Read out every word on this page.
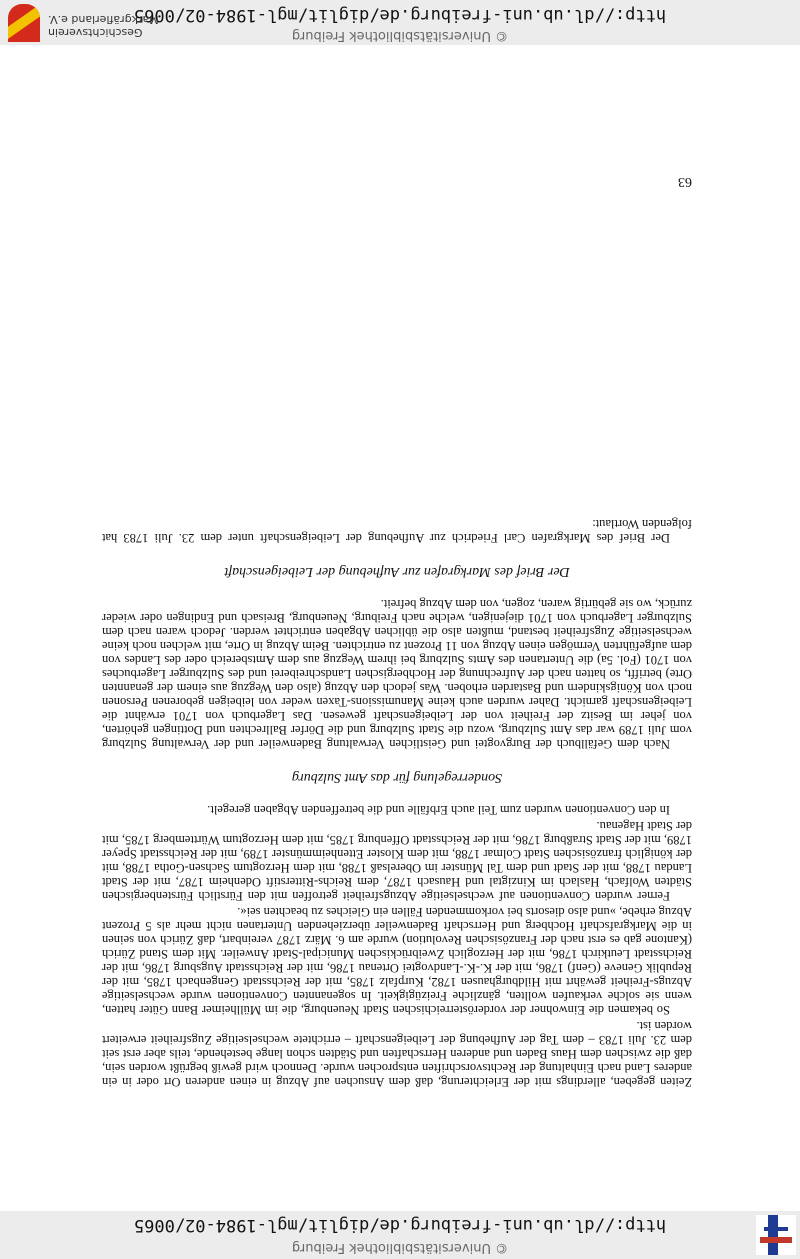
© Universitätsbibliothek Freiburg
http://dl.ub.uni-freiburg.de/diglit/mgl-1984-02/0065

Zeiten gegeben, allerdings mit der Erleichterung, daß dem Ansuchen auf Abzug in einen anderen Ort oder in ein anderes Land nach Einhaltung der Rechtsvorschriften entsprochen wurde. Dennoch wird gewiß begrüßt worden sein, daß die zwischen dem Haus Baden und anderen Herrschaften und Städten schon lange bestehende, teils aber erst seit dem 23. Juli 1783 – dem Tag der Aufhebung der Leibeigenschaft – errichtete wechselseitige Zugsfreiheit erweitert worden ist.

So bekamen die Einwohner der vorderösterreichischen Stadt Neuenburg, die im Müllheimer Bann Güter hatten, wenn sie solche verkaufen wollten, gänzliche Freizügigkeit. In sogenannten Conventionen wurde wechselseitige Abzugs-Freiheit gewährt mit Hildburghausen 1782, Kurpfalz 1785, mit der Reichsstadt Gengenbach 1785, mit der Republik Geneve (Genf) 1786, mit der K.-K.-Landvogtei Ortenau 1786, mit der Reichsstadt Augsburg 1786, mit der Reichsstadt Leutkirch 1786, mit der Herzoglich Zweibrückischen Municipal-Stadt Anweiler. Mit dem Stand Zürich (Kantone gab es erst nach der Französischen Revolution) wurde am 6. März 1787 vereinbart, daß Zürich von seinen in die Markgrafschaft Hochberg und Herrschaft Badenweiler überziehenden Untertanen nicht mehr als 5 Prozent Abzug erhebe, »und also diesorts bei vorkommenden Fällen ein Gleiches zu beachten sei«.

Ferner wurden Conventionen auf wechselseitige Abzugsfreiheit getroffen mit den Fürstlich Fürstenbergischen Städten Wolfach, Haslach im Kinzigtal und Hausach 1787, dem Reichs-Ritterstift Odenheim 1787, mit der Stadt Landau 1788, mit der Stadt und dem Tal Münster im Oberelsaß 1788, mit dem Herzogtum Sachsen-Gotha 1788, mit der königlich französischen Stadt Colmar 1788, mit dem Kloster Ettenheimmünster 1789, mit der Reichsstadt Speyer 1789, mit der Stadt Straßburg 1786, mit der Reichsstadt Offenburg 1785, mit dem Herzogtum Württemberg 1785, mit der Stadt Hagenau.

In den Conventionen wurden zum Teil auch Erbfälle und die betreffenden Abgaben geregelt.

Sonderregelung für das Amt Sulzburg

Nach dem Gefällbuch der Burgvogtei und Geistlichen Verwaltung Badenweiler und der Verwaltung Sulzburg vom Juli 1789 war das Amt Sulzburg, wozu die Stadt Sulzburg und die Dörfer Ballrechten und Dottingen gehörten, von jeher im Besitz der Freiheit von der Leibeigenschaft gewesen. Das Lagerbuch von 1701 erwähnt die Leibeigenschaft garnicht. Daher wurden auch keine Manumissions-Taxen weder von leibeigen geborenen Personen noch von Königskindern und Bastarden erhoben. Was jedoch den Abzug (also den Wegzug aus einem der genannten Orte) betrifft, so hatten nach der Aufrechnung der Hochbergischen Landschreiberei und des Sulzburger Lagerbuches von 1701 (Fol. 5a) die Untertanen des Amts Sulzburg bei ihrem Wegzug aus dem Amtsbereich oder des Landes von dem aufgeführten Vermögen einen Abzug von 11 Prozent zu entrichten. Beim Abzug in Orte, mit welchen noch keine wechselseitige Zugsfreiheit bestand, mußten also die üblichen Abgaben entrichtet werden. Jedoch waren nach dem Sulzburger Lagerbuch von 1701 diejenigen, welche nach Freiburg, Neuenburg, Breisach und Endingen oder wieder zurück, wo sie gebürtig waren, zogen, von dem Abzug befreit.

Der Brief des Markgrafen zur Aufhebung der Leibeigenschaft

Der Brief des Markgrafen Carl Friedrich zur Aufhebung der Leibeigenschaft unter dem 23. Juli 1783 hat folgenden Wortlaut:

63
© Universitätsbibliothek Freiburg
http://dl.ub.uni-freiburg.de/diglit/mgl-1984-02/0065
Geschichtsverein
Markgräflerland e.V.
